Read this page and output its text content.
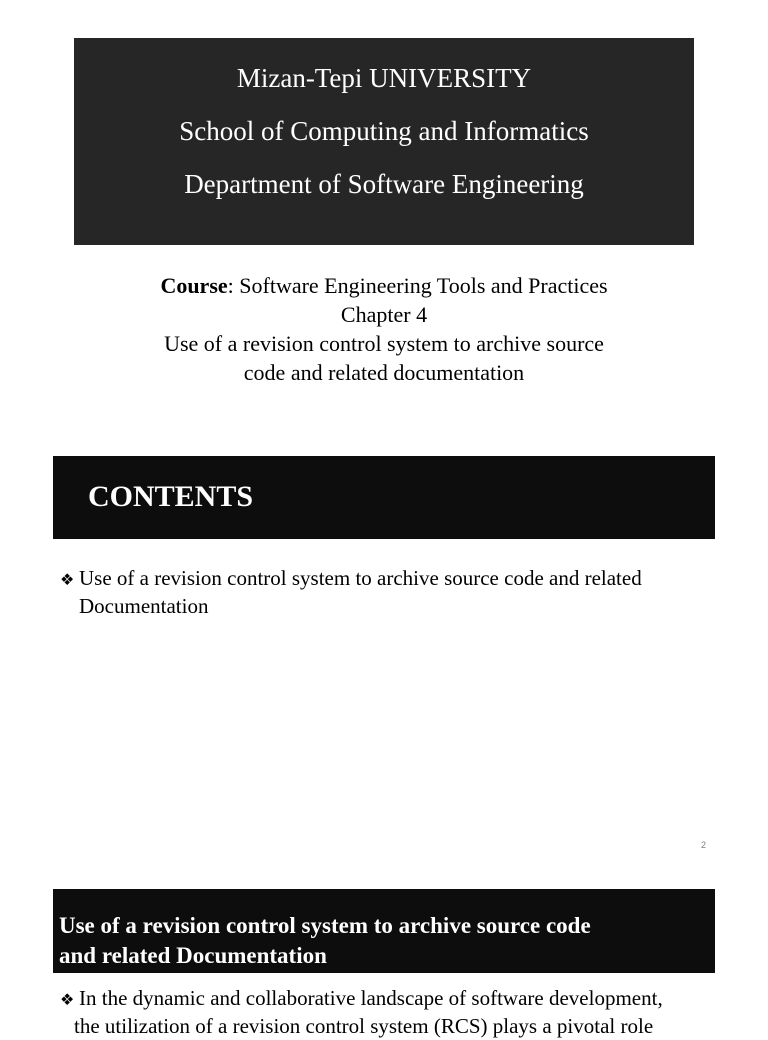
Mizan-Tepi UNIVERSITY
School of Computing and Informatics
Department of Software Engineering
Course: Software Engineering Tools and Practices
Chapter 4
Use of a revision control system to archive source
code and related documentation
CONTENTS
❖ Use of a revision control system to archive source code and related
Documentation
2
Use of a revision control system to archive source code
and related Documentation
❖ In the dynamic and collaborative landscape of software development,
the utilization of a revision control system (RCS) plays a pivotal role
